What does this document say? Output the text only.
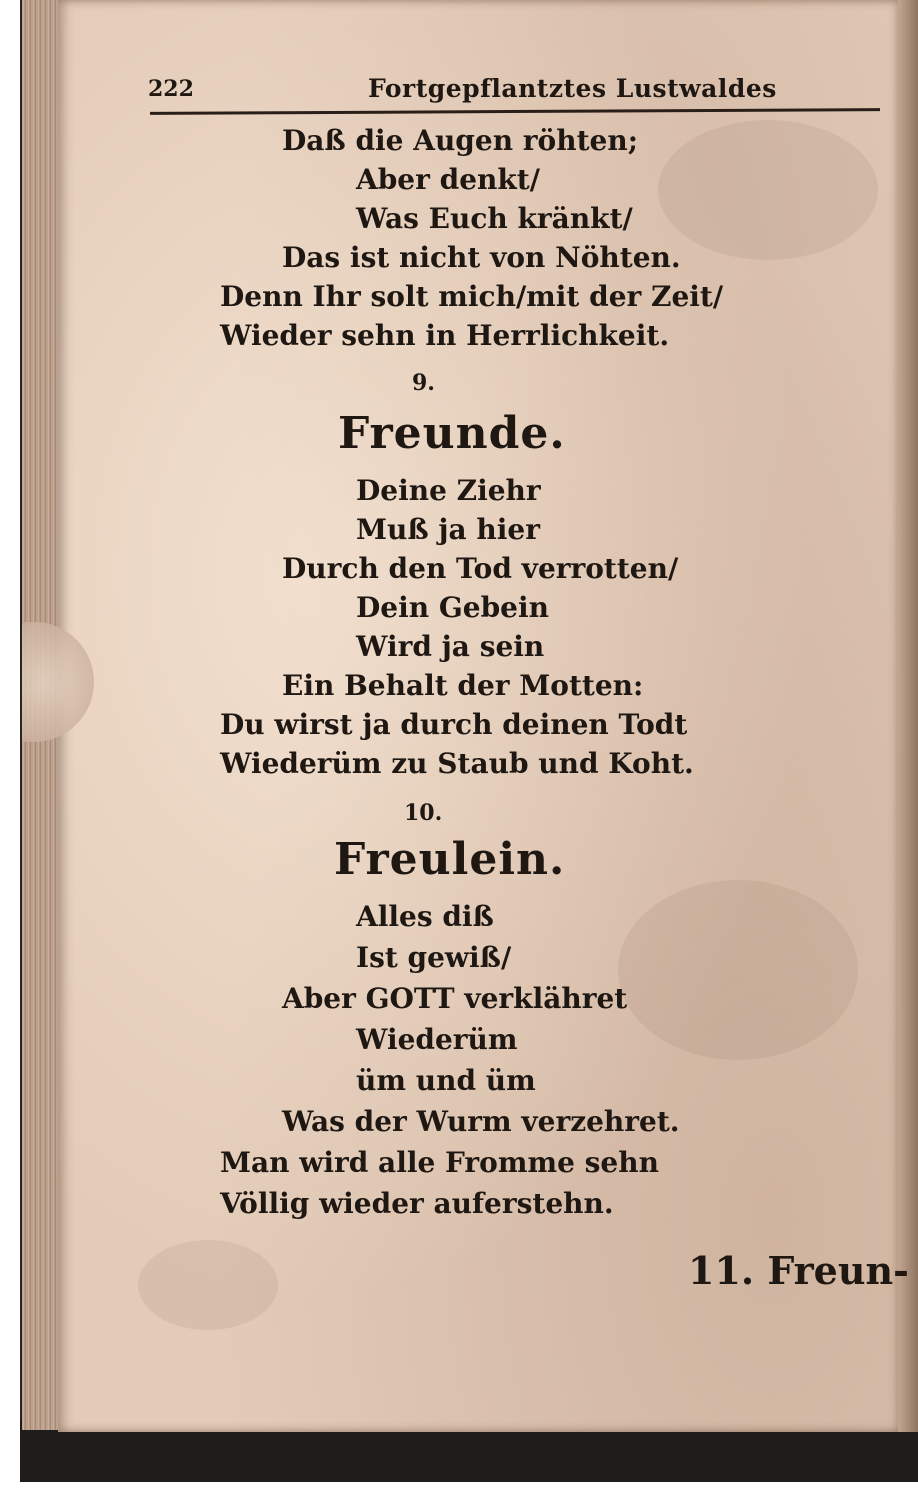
222	Fortgepflantztes Lustwaldes
Daß die Augen röhten;
Aber denkt/
Was Euch kränkt/
Das ist nicht von Nöhten.
Denn Ihr solt mich/mit der Zeit/
Wieder sehn in Herrlichkeit.
9.
Freunde.
Deine Ziehr
Muß ja hier
Durch den Tod verrotten/
Dein Gebein
Wird ja sein
Ein Behalt der Motten:
Du wirst ja durch deinen Todt
Wiederüm zu Staub und Koht.
10.
Freulein.
Alles diß
Ist gewiß/
Aber GOTT verklähret
Wiederüm
üm und üm
Was der Wurm verzehret.
Man wird alle Fromme sehn
Völlig wieder auferstehn.
11. Freun-
